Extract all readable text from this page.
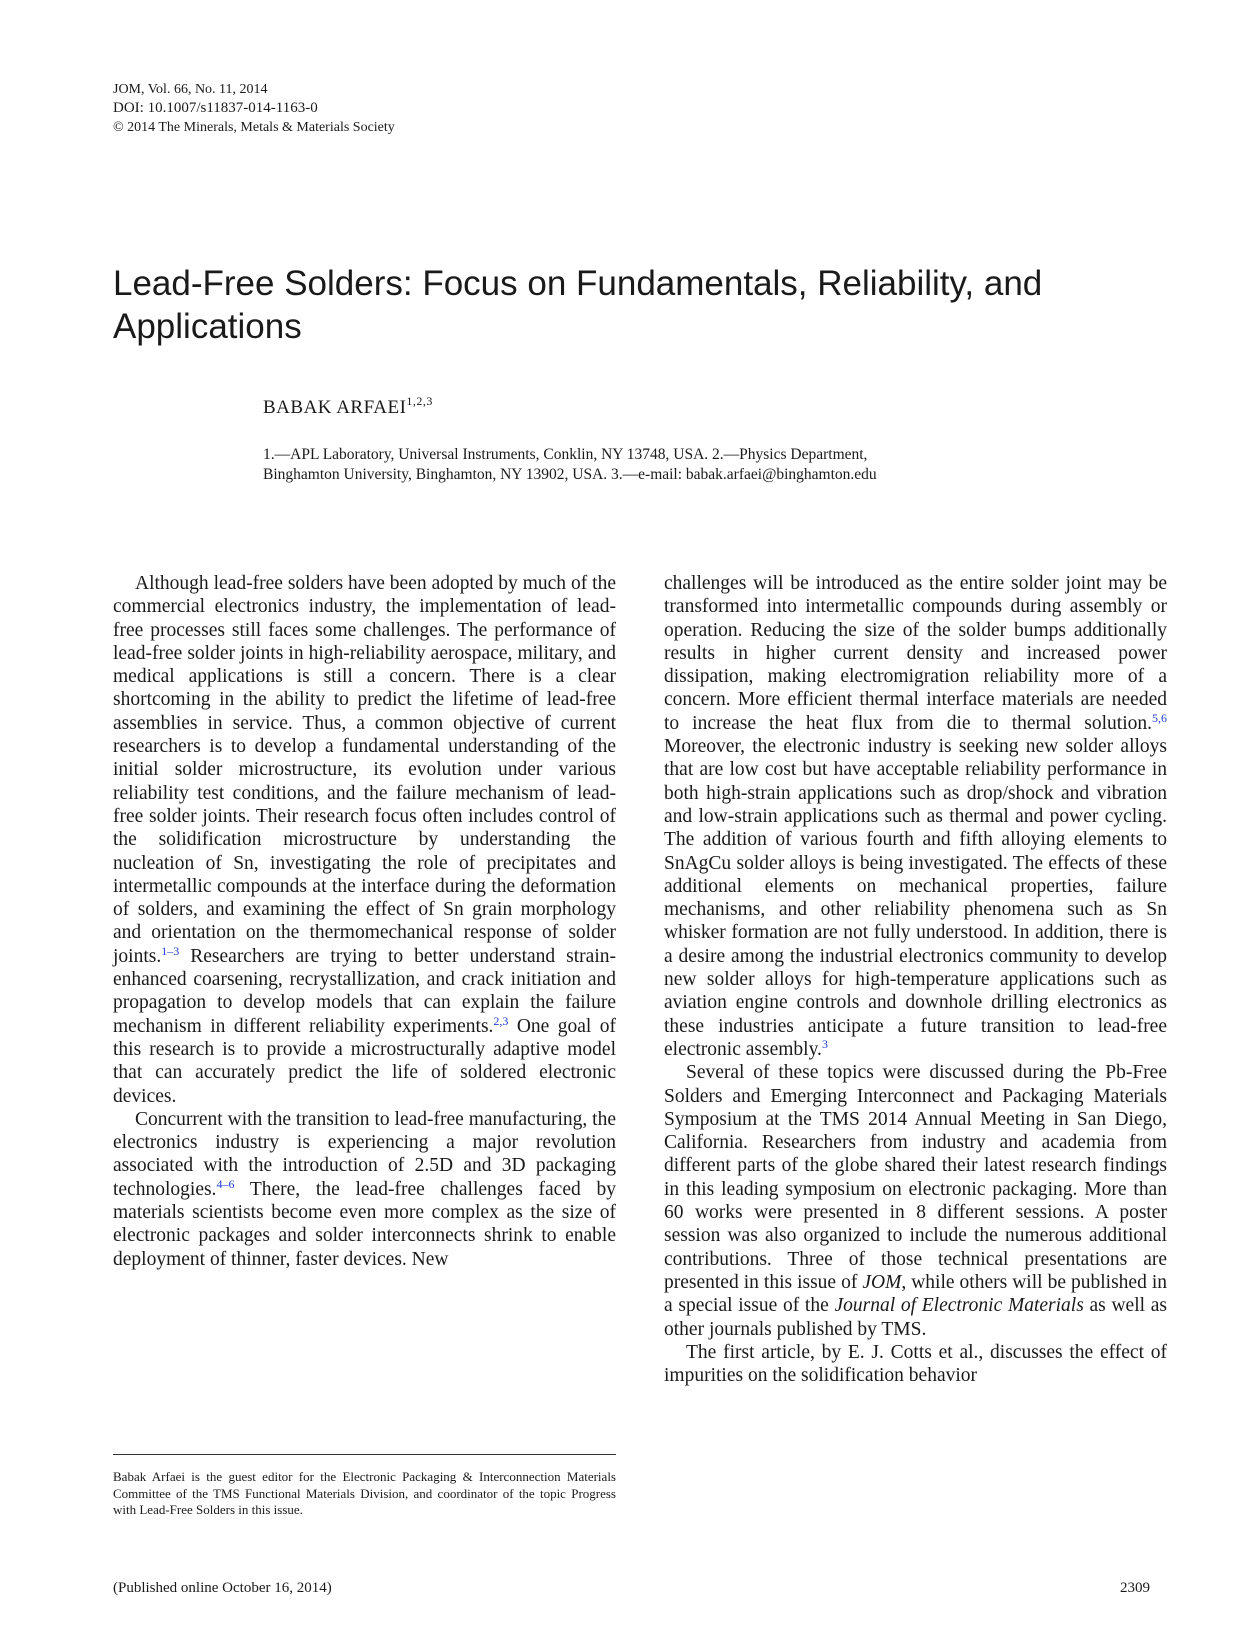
JOM, Vol. 66, No. 11, 2014
DOI: 10.1007/s11837-014-1163-0
© 2014 The Minerals, Metals & Materials Society
Lead-Free Solders: Focus on Fundamentals, Reliability, and Applications
BABAK ARFAEI$^{1,2,3}$
1.—APL Laboratory, Universal Instruments, Conklin, NY 13748, USA. 2.—Physics Department,
Binghamton University, Binghamton, NY 13902, USA. 3.—e-mail: babak.arfaei@binghamton.edu

Although lead-free solders have been adopted by much of the commercial electronics industry, the implementation of lead-free processes still faces some challenges. The performance of lead-free solder joints in high-reliability aerospace, military, and medical applications is still a concern. There is a clear shortcoming in the ability to predict the lifetime of lead-free assemblies in service. Thus, a common objective of current researchers is to develop a fundamental understanding of the initial solder microstructure, its evolution under various reliability test conditions, and the failure mechanism of lead-free solder joints. Their research focus often includes control of the solidification microstructure by understanding the nucleation of Sn, investigating the role of precipitates and intermetallic compounds at the interface during the deformation of solders, and examining the effect of Sn grain morphology and orientation on the thermomechanical response of solder joints.$^{1-3}$ Researchers are trying to better understand strain-enhanced coarsening, recrystallization, and crack initiation and propagation to develop models that can explain the failure mechanism in different reliability experiments.$^{2,3}$ One goal of this research is to provide a microstructurally adaptive model that can accurately predict the life of soldered electronic devices.

Concurrent with the transition to lead-free manufacturing, the electronics industry is experiencing a major revolution associated with the introduction of 2.5D and 3D packaging technologies.$^{4-6}$ There, the lead-free challenges faced by materials scientists become even more complex as the size of electronic packages and solder interconnects shrink to enable deployment of thinner, faster devices. New

challenges will be introduced as the entire solder joint may be transformed into intermetallic compounds during assembly or operation. Reducing the size of the solder bumps additionally results in higher current density and increased power dissipation, making electromigration reliability more of a concern. More efficient thermal interface materials are needed to increase the heat flux from die to thermal solution.$^{5,6}$ Moreover, the electronic industry is seeking new solder alloys that are low cost but have acceptable reliability performance in both high-strain applications such as drop/shock and vibration and low-strain applications such as thermal and power cycling. The addition of various fourth and fifth alloying elements to SnAgCu solder alloys is being investigated. The effects of these additional elements on mechanical properties, failure mechanisms, and other reliability phenomena such as Sn whisker formation are not fully understood. In addition, there is a desire among the industrial electronics community to develop new solder alloys for high-temperature applications such as aviation engine controls and downhole drilling electronics as these industries anticipate a future transition to lead-free electronic assembly.$^3$

Several of these topics were discussed during the Pb-Free Solders and Emerging Interconnect and Packaging Materials Symposium at the TMS 2014 Annual Meeting in San Diego, California. Researchers from industry and academia from different parts of the globe shared their latest research findings in this leading symposium on electronic packaging. More than 60 works were presented in 8 different sessions. A poster session was also organized to include the numerous additional contributions. Three of those technical presentations are presented in this issue of JOM, while others will be published in a special issue of the Journal of Electronic Materials as well as other journals published by TMS.

The first article, by E. J. Cotts et al., discusses the effect of impurities on the solidification behavior

Babak Arfaei is the guest editor for the Electronic Packaging & Interconnection Materials Committee of the TMS Functional Materials Division, and coordinator of the topic Progress with Lead-Free Solders in this issue.
(Published online October 16, 2014)	2309
